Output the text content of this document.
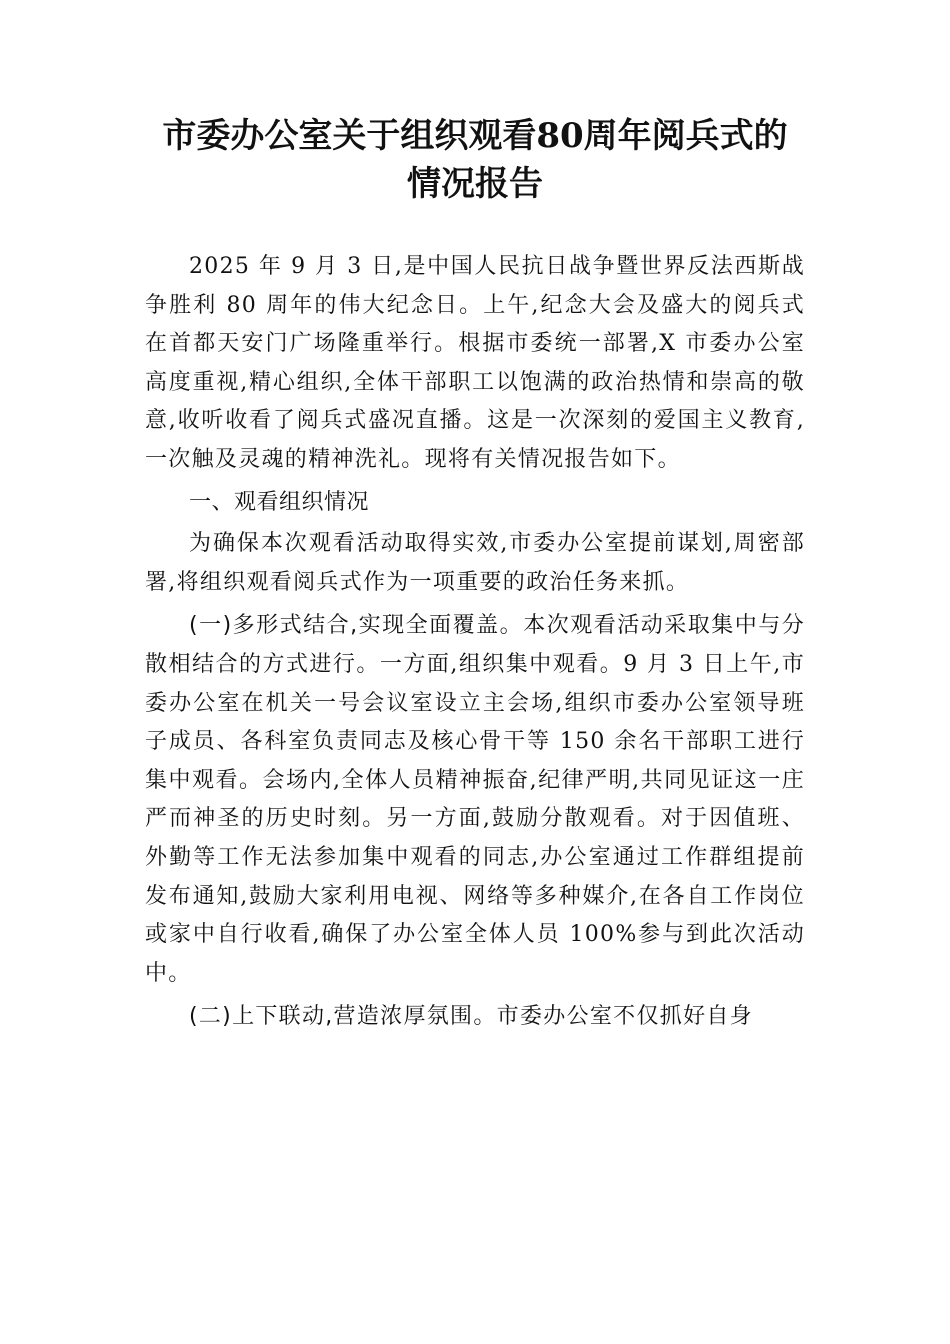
市委办公室关于组织观看80周年阅兵式的
情况报告

2025 年 9 月 3 日,是中国人民抗日战争暨世界反法西斯战争胜利 80 周年的伟大纪念日。上午,纪念大会及盛大的阅兵式在首都天安门广场隆重举行。根据市委统一部署,X 市委办公室高度重视,精心组织,全体干部职工以饱满的政治热情和崇高的敬意,收听收看了阅兵式盛况直播。这是一次深刻的爱国主义教育,一次触及灵魂的精神洗礼。现将有关情况报告如下。

一、观看组织情况

为确保本次观看活动取得实效,市委办公室提前谋划,周密部署,将组织观看阅兵式作为一项重要的政治任务来抓。

(一)多形式结合,实现全面覆盖。本次观看活动采取集中与分散相结合的方式进行。一方面,组织集中观看。9 月 3 日上午,市委办公室在机关一号会议室设立主会场,组织市委办公室领导班子成员、各科室负责同志及核心骨干等 150 余名干部职工进行集中观看。会场内,全体人员精神振奋,纪律严明,共同见证这一庄严而神圣的历史时刻。另一方面,鼓励分散观看。对于因值班、外勤等工作无法参加集中观看的同志,办公室通过工作群组提前发布通知,鼓励大家利用电视、网络等多种媒介,在各自工作岗位或家中自行收看,确保了办公室全体人员 100%参与到此次活动中。

(二)上下联动,营造浓厚氛围。市委办公室不仅抓好自身
